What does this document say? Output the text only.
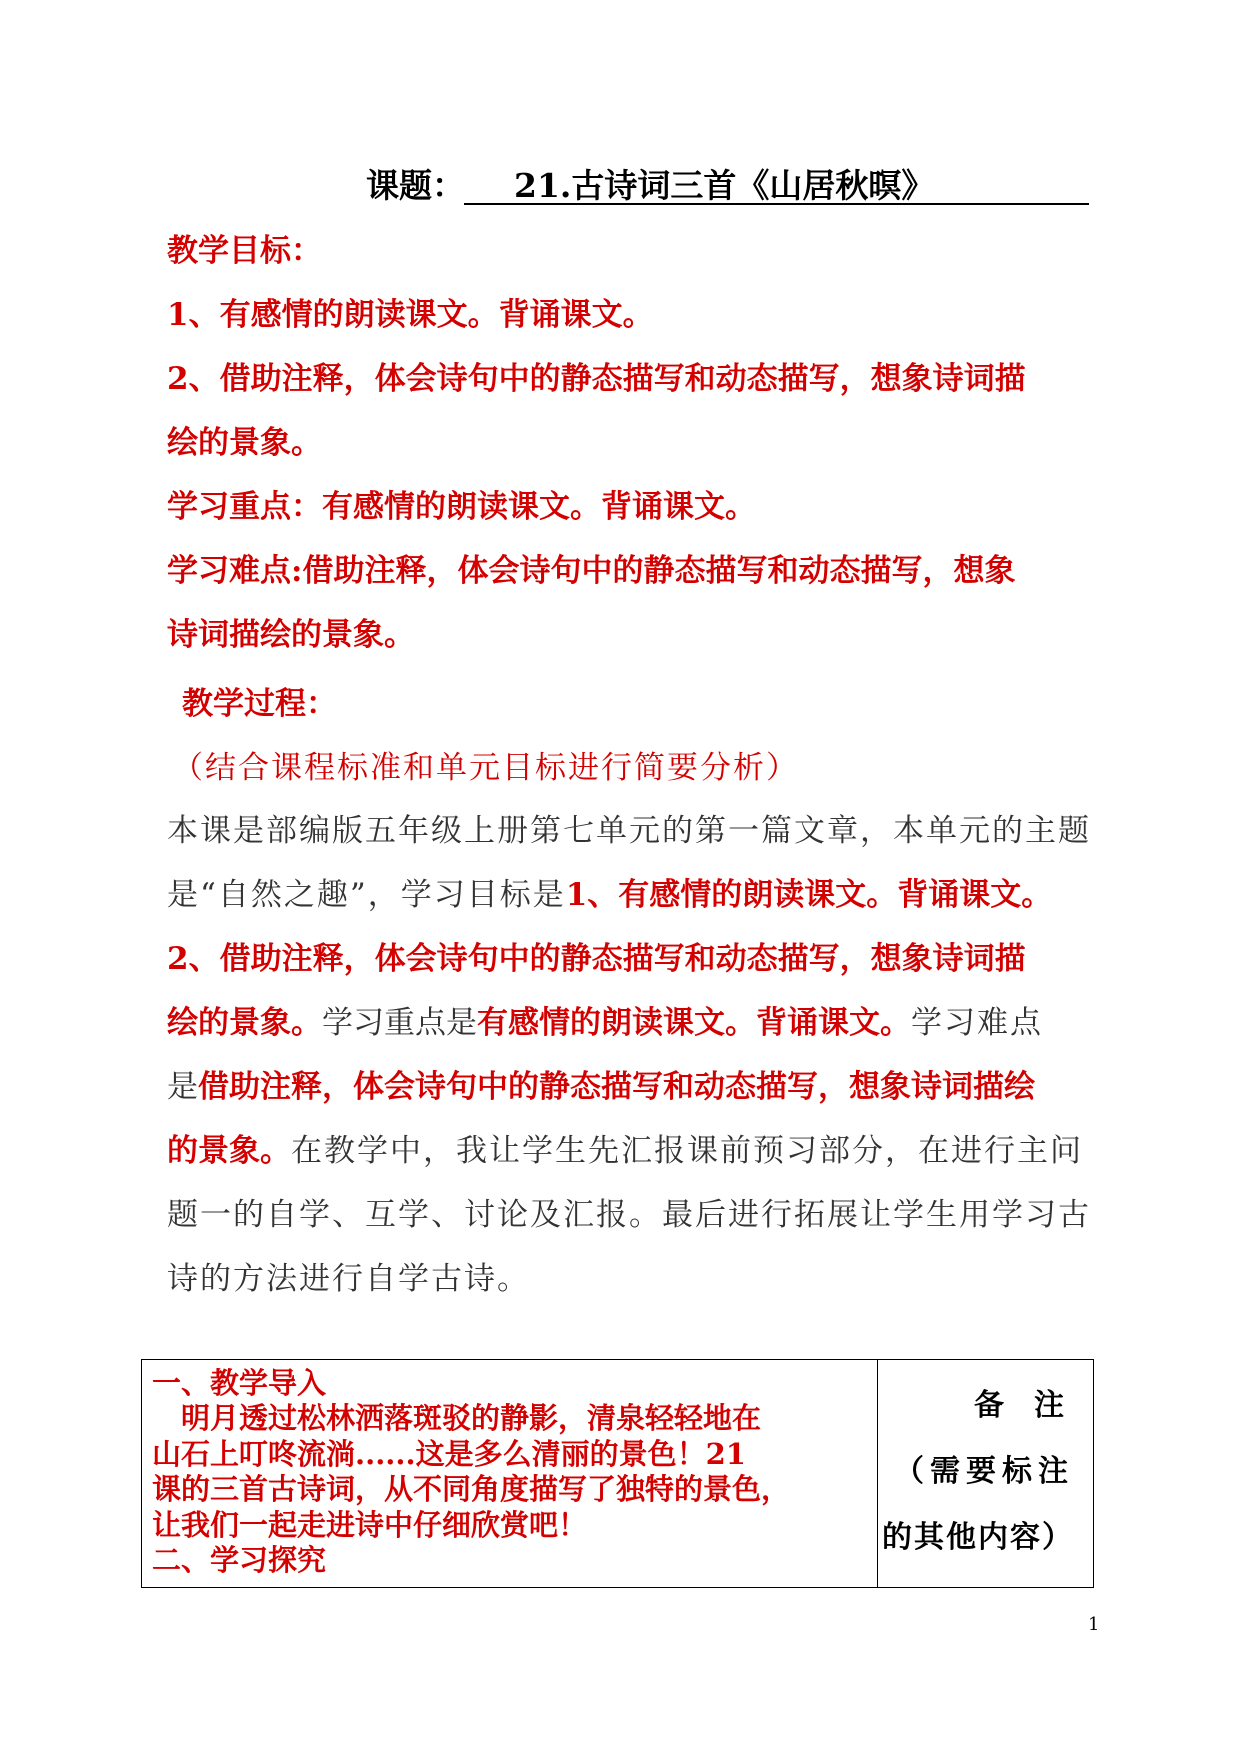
课题： 21.古诗词三首《山居秋暝》
教学目标：
1、有感情的朗读课文。背诵课文。
2、借助注释，体会诗句中的静态描写和动态描写，想象诗词描
绘的景象。
学习重点：有感情的朗读课文。背诵课文。
学习难点:借助注释，体会诗句中的静态描写和动态描写，想象
诗词描绘的景象。
教学过程：
（结合课程标准和单元目标进行简要分析）
本课是部编版五年级上册第七单元的第一篇文章，本单元的主题
是“自然之趣”，学习目标是1、有感情的朗读课文。背诵课文。
2、借助注释，体会诗句中的静态描写和动态描写，想象诗词描
绘的景象。学习重点是有感情的朗读课文。背诵课文。学习难点
是借助注释，体会诗句中的静态描写和动态描写，想象诗词描绘
的景象。在教学中，我让学生先汇报课前预习部分，在进行主问
题一的自学、互学、讨论及汇报。最后进行拓展让学生用学习古
诗的方法进行自学古诗。
一、教学导入
　明月透过松林洒落斑驳的静影，清泉轻轻地在
山石上叮咚流淌......这是多么清丽的景色！21
课的三首古诗词，从不同角度描写了独特的景色，
让我们一起走进诗中仔细欣赏吧！
二、学习探究
备　注
（需要标注
的其他内容）
1
